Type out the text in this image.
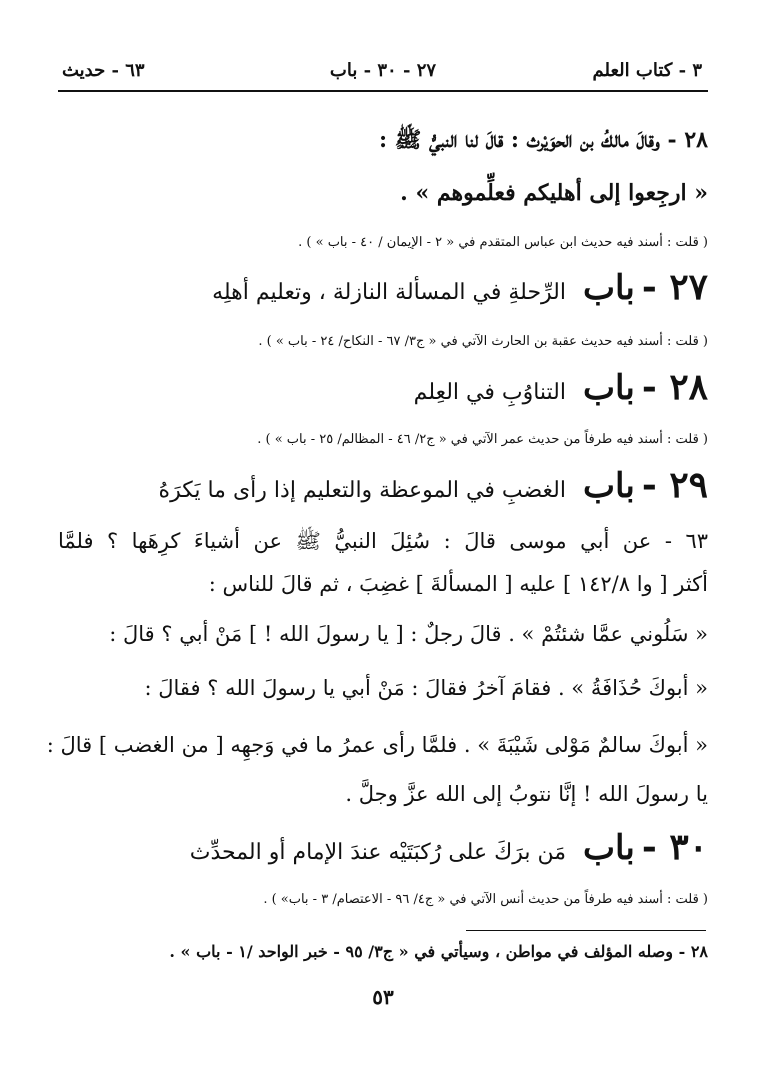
٣ - كتاب العلم
٢٧ - ٣٠ - باب
٦٣ - حديث
٢٨ - وقالَ مالكُ بن الحوَيْرث : قالَ لنا النبيُّ ﷺ :
« ارجِعوا إلى أهليكم فعلِّموهم » .
( قلت : أسند فيه حديث ابن عباس المتقدم في « ٢ - الإيمان / ٤٠ - باب » ) .
٢٧ - باب الرِّحلةِ في المسألة النازلة ، وتعليم أهلِه
( قلت : أسند فيه حديث عقبة بن الحارث الآتي في « ج٣/ ٦٧ - النكاح/ ٢٤ - باب » ) .
٢٨ - باب التناوُبِ في العِلم
( قلت : أسند فيه طرفاً من حديث عمر الآتي في « ج٢/ ٤٦ - المظالم/ ٢٥ - باب » ) .
٢٩ - باب الغضبِ في الموعظة والتعليم إذا رأى ما يَكرَهُ
٦٣ - عن أبي موسى قالَ : سُئِلَ النبيُّ ﷺ عن أشياءَ كرِهَها ؟ فلمَّا
أكثر [ وا ١٤٢/٨ ] عليه [ المسألةَ ] غضِبَ ، ثم قالَ للناس :
« سَلُوني عمَّا شئتُمْ » . قالَ رجلٌ : [ يا رسولَ الله ! ] مَنْ أبي ؟ قالَ :
« أبوكَ حُذَافَةُ » . فقامَ آخرُ فقالَ : مَنْ أبي يا رسولَ الله ؟ فقالَ :
« أبوكَ سالمٌ مَوْلى شَيْبَةَ » . فلمَّا رأى عمرُ ما في وَجهِه [ من الغضب ] قالَ :
يا رسولَ الله ! إنَّا نتوبُ إلى الله عزَّ وجلَّ .
٣٠ - باب مَن برَكَ على رُكبَتَيْه عندَ الإمام أو المحدِّث
( قلت : أسند فيه طرفاً من حديث أنس الآتي في « ج٤/ ٩٦ - الاعتصام/ ٣ - باب» ) .
٢٨ - وصله المؤلف في مواطن ، وسيأتي في « ج٣/ ٩٥ - خبر الواحد /١ - باب » .
٥٣
